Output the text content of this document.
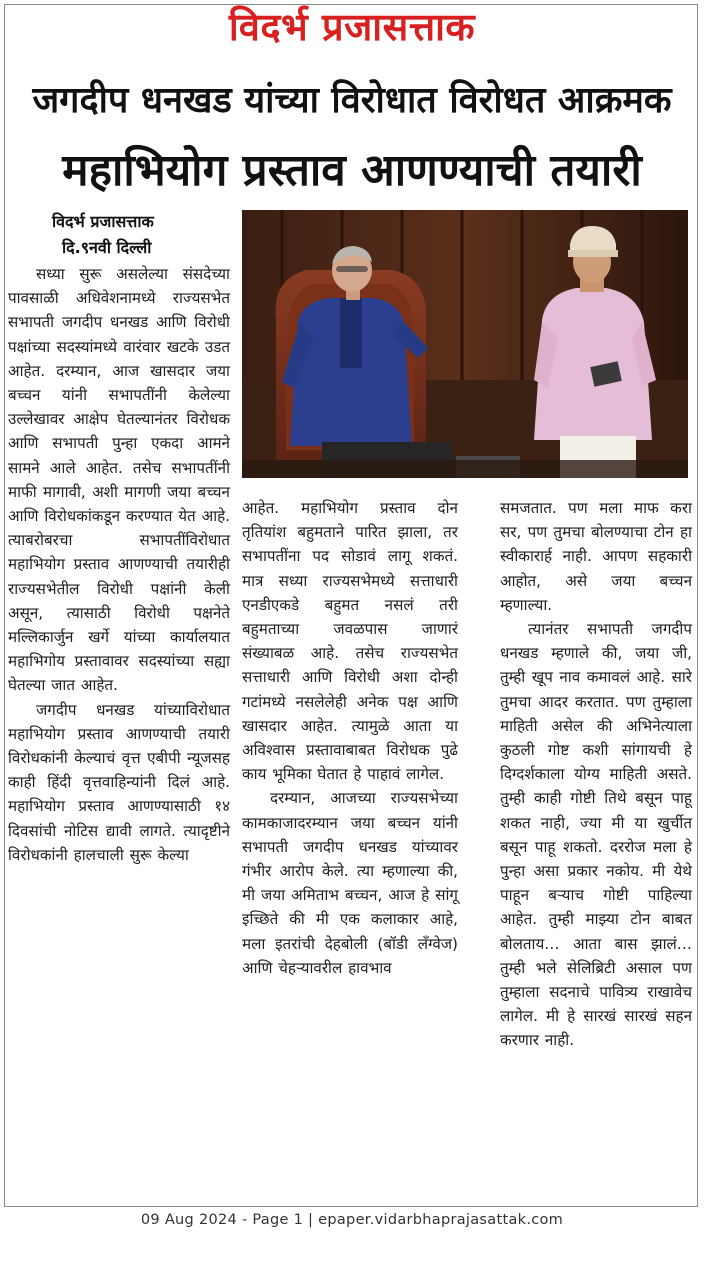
विदर्भ प्रजासत्ताक
जगदीप धनखड यांच्या विरोधात विरोधत आक्रमक
महाभियोग प्रस्ताव आणण्याची तयारी
विदर्भ प्रजासत्ताक
दि.९नवी दिल्ली

सध्या सुरू असलेल्या संसदेच्या पावसाळी अधिवेशनामध्ये राज्यसभेत सभापती जगदीप धनखड आणि विरोधी पक्षांच्या सदस्यांमध्ये वारंवार खटके उडत आहेत. दरम्यान, आज खासदार जया बच्चन यांनी सभापतींनी केलेल्या उल्लेखावर आक्षेप घेतल्यानंतर विरोधक आणि सभापती पुन्हा एकदा आमने सामने आले आहेत. तसेच सभापतींनी माफी मागावी, अशी मागणी जया बच्चन आणि विरोधकांकडून करण्यात येत आहे. त्याबरोबरचा सभापतींविरोधात महाभियोग प्रस्ताव आणण्याची तयारीही राज्यसभेतील विरोधी पक्षांनी केली असून, त्यासाठी विरोधी पक्षनेते मल्लिकार्जुन खर्गे यांच्या कार्यालयात महाभिगोय प्रस्तावावर सदस्यांच्या सह्या घेतल्या जात आहेत.

जगदीप धनखड यांच्याविरोधात महाभियोग प्रस्ताव आणण्याची तयारी विरोधकांनी केल्याचं वृत्त एबीपी न्यूजसह काही हिंदी वृत्तवाहिन्यांनी दिलं आहे. महाभियोग प्रस्ताव आणण्यासाठी १४ दिवसांची नोटिस द्यावी लागते. त्यादृष्टीने विरोधकांनी हालचाली सुरू केल्या

आहेत. महाभियोग प्रस्ताव दोन तृतियांश बहुमताने पारित झाला, तर सभापतींना पद सोडावं लागू शकतं. मात्र सध्या राज्यसभेमध्ये सत्ताधारी एनडीएकडे बहुमत नसलं तरी बहुमताच्या जवळपास जाणारं संख्याबळ आहे. तसेच राज्यसभेत सत्ताधारी आणि विरोधी अशा दोन्ही गटांमध्ये नसलेलेही अनेक पक्ष आणि खासदार आहेत. त्यामुळे आता या अविश्वास प्रस्तावाबाबत विरोधक पुढे काय भूमिका घेतात हे पाहावं लागेल.

दरम्यान, आजच्या राज्यसभेच्या कामकाजादरम्यान जया बच्चन यांनी सभापती जगदीप धनखड यांच्यावर गंभीर आरोप केले. त्या म्हणाल्या की, मी जया अमिताभ बच्चन, आज हे सांगू इच्छिते की मी एक कलाकार आहे, मला इतरांची देहबोली (बॉडी लँग्वेज) आणि चेहऱ्यावरील हावभाव

समजतात. पण मला माफ करा सर, पण तुमचा बोलण्याचा टोन हा स्वीकारार्ह नाही. आपण सहकारी आहोत, असे जया बच्चन म्हणाल्या.

त्यानंतर सभापती जगदीप धनखड म्हणाले की, जया जी, तुम्ही खूप नाव कमावलं आहे. सारे तुमचा आदर करतात. पण तुम्हाला माहिती असेल की अभिनेत्याला कुठली गोष्ट कशी सांगायची हे दिग्दर्शकाला योग्य माहिती असते. तुम्ही काही गोष्टी तिथे बसून पाहू शकत नाही, ज्या मी या खुर्चीत बसून पाहू शकतो. दररोज मला हे पुन्हा असा प्रकार नकोय. मी येथे पाहून बऱ्याच गोष्टी पाहिल्या आहेत. तुम्ही माझ्या टोन बाबत बोलताय… आता बास झालं… तुम्ही भले सेलिब्रिटी असाल पण तुम्हाला सदनाचे पावित्र्य राखावेच लागेल. मी हे सारखं सारखं सहन करणार नाही.

09 Aug 2024 - Page 1 | epaper.vidarbhaprajasattak.com
